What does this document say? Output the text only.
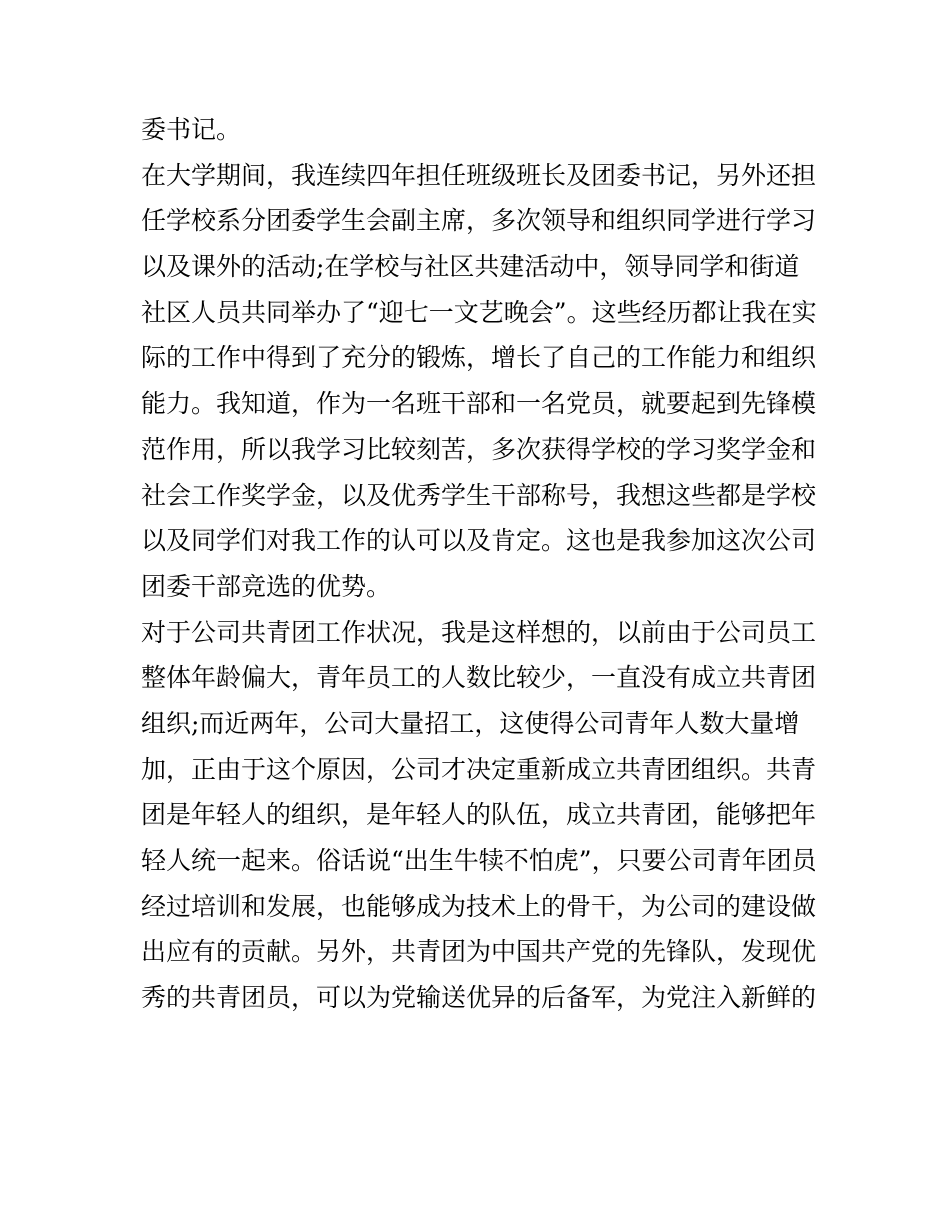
委书记。
在大学期间，我连续四年担任班级班长及团委书记，另外还担
任学校系分团委学生会副主席，多次领导和组织同学进行学习
以及课外的活动;在学校与社区共建活动中，领导同学和街道
社区人员共同举办了“迎七一文艺晚会”。这些经历都让我在实
际的工作中得到了充分的锻炼，增长了自己的工作能力和组织
能力。我知道，作为一名班干部和一名党员，就要起到先锋模
范作用，所以我学习比较刻苦，多次获得学校的学习奖学金和
社会工作奖学金，以及优秀学生干部称号，我想这些都是学校
以及同学们对我工作的认可以及肯定。这也是我参加这次公司
团委干部竞选的优势。
对于公司共青团工作状况，我是这样想的，以前由于公司员工
整体年龄偏大，青年员工的人数比较少，一直没有成立共青团
组织;而近两年，公司大量招工，这使得公司青年人数大量增
加，正由于这个原因，公司才决定重新成立共青团组织。共青
团是年轻人的组织，是年轻人的队伍，成立共青团，能够把年
轻人统一起来。俗话说“出生牛犊不怕虎”，只要公司青年团员
经过培训和发展，也能够成为技术上的骨干，为公司的建设做
出应有的贡献。另外，共青团为中国共产党的先锋队，发现优
秀的共青团员，可以为党输送优异的后备军，为党注入新鲜的
